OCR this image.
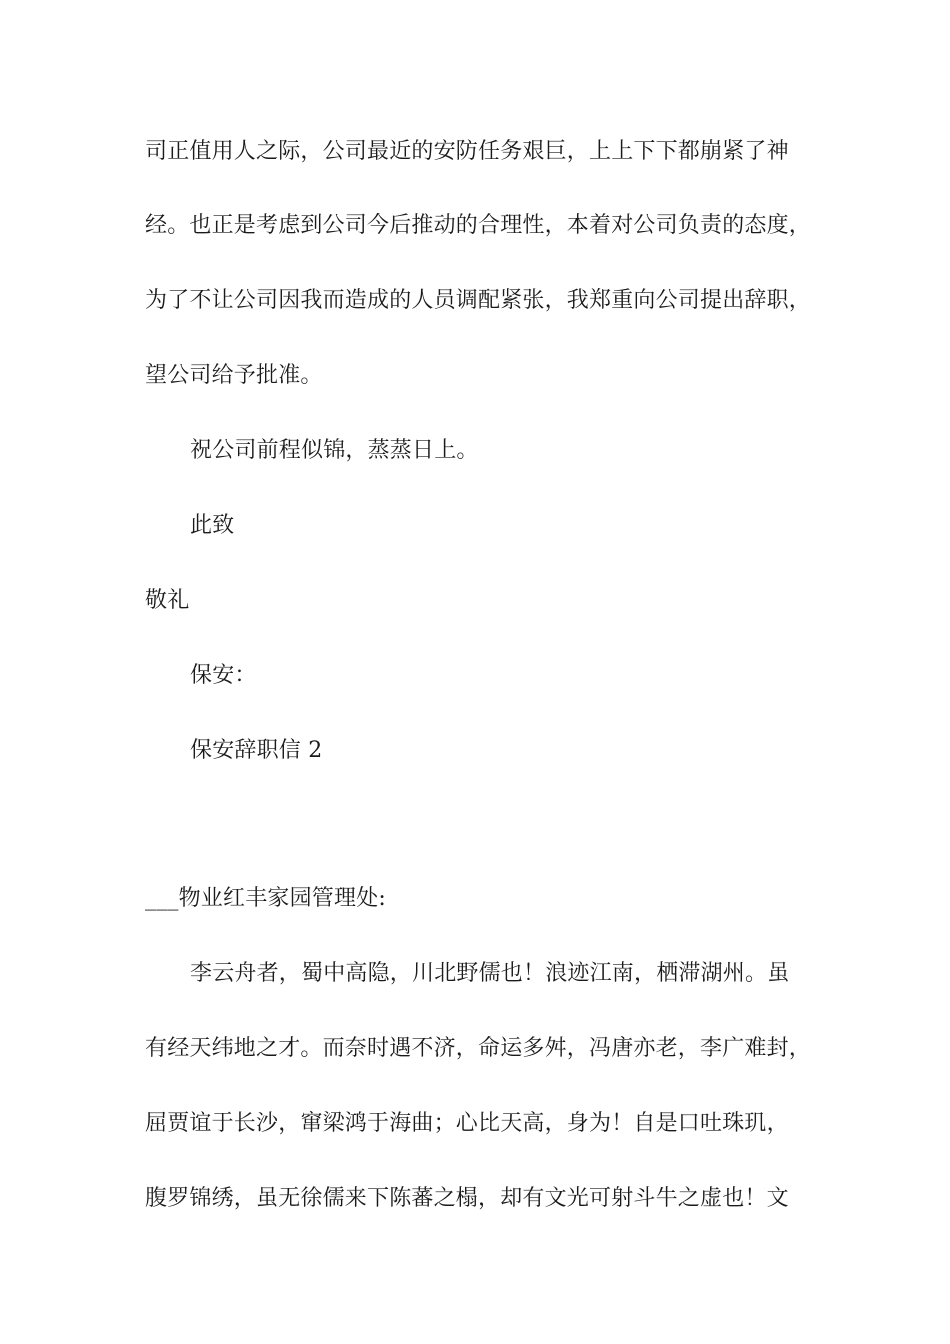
司正值用人之际，公司最近的安防任务艰巨，上上下下都崩紧了神
经。也正是考虑到公司今后推动的合理性，本着对公司负责的态度，
为了不让公司因我而造成的人员调配紧张，我郑重向公司提出辞职，
望公司给予批准。
祝公司前程似锦，蒸蒸日上。
此致
敬礼
保安：
保安辞职信 2
___物业红丰家园管理处:
李云舟者，蜀中高隐，川北野儒也！浪迹江南，栖滞湖州。虽
有经天纬地之才。而奈时遇不济，命运多舛，冯唐亦老，李广难封，
屈贾谊于长沙，窜梁鸿于海曲；心比天高，身为！自是口吐珠玑，
腹罗锦绣，虽无徐儒来下陈蕃之榻，却有文光可射斗牛之虚也！文
